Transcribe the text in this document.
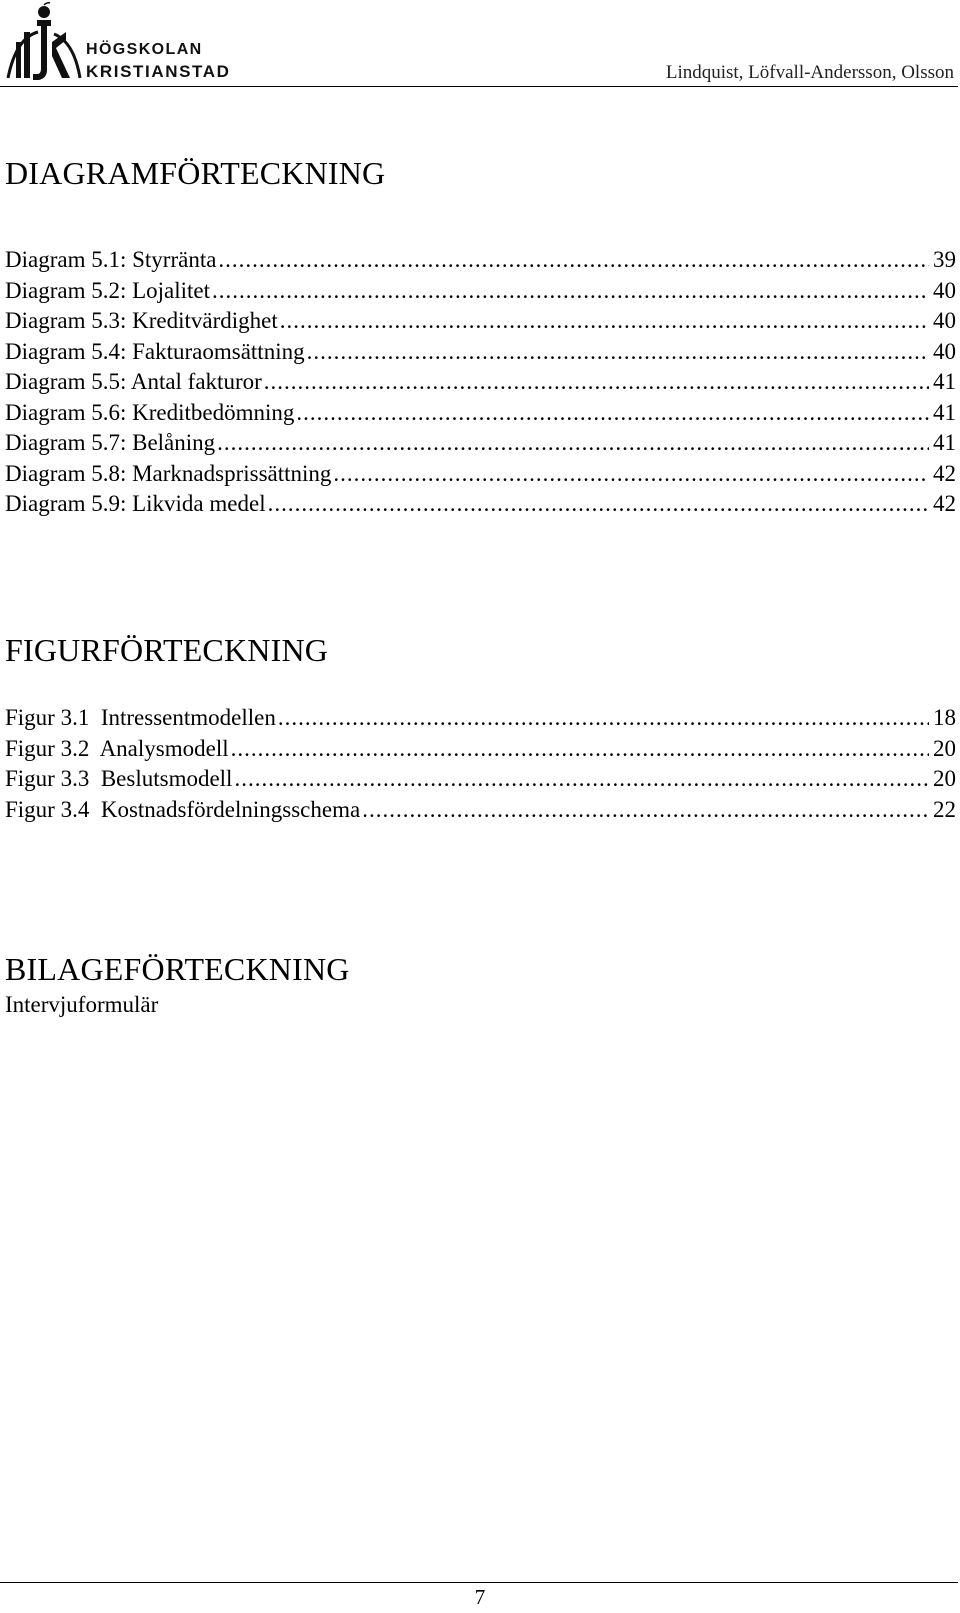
HÖGSKOLAN
KRISTIANSTAD	Lindquist, Löfvall-Andersson, Olsson
DIAGRAMFÖRTECKNING
Diagram 5.1: Styrränta .....	39
Diagram 5.2: Lojalitet .....	40
Diagram 5.3: Kreditvärdighet .....	40
Diagram 5.4: Fakturaomsättning .....	40
Diagram 5.5: Antal fakturor .....	41
Diagram 5.6: Kreditbedömning .....	41
Diagram 5.7: Belåning .....	41
Diagram 5.8: Marknadsprissättning .....	42
Diagram 5.9: Likvida medel .....	42
FIGURFÖRTECKNING
Figur 3.1  Intressentmodellen .....	18
Figur 3.2  Analysmodell .....	20
Figur 3.3  Beslutsmodell .....	20
Figur 3.4  Kostnadsfördelningsschema .....	22
BILAGEFÖRTECKNING
Intervjuformulär
7
